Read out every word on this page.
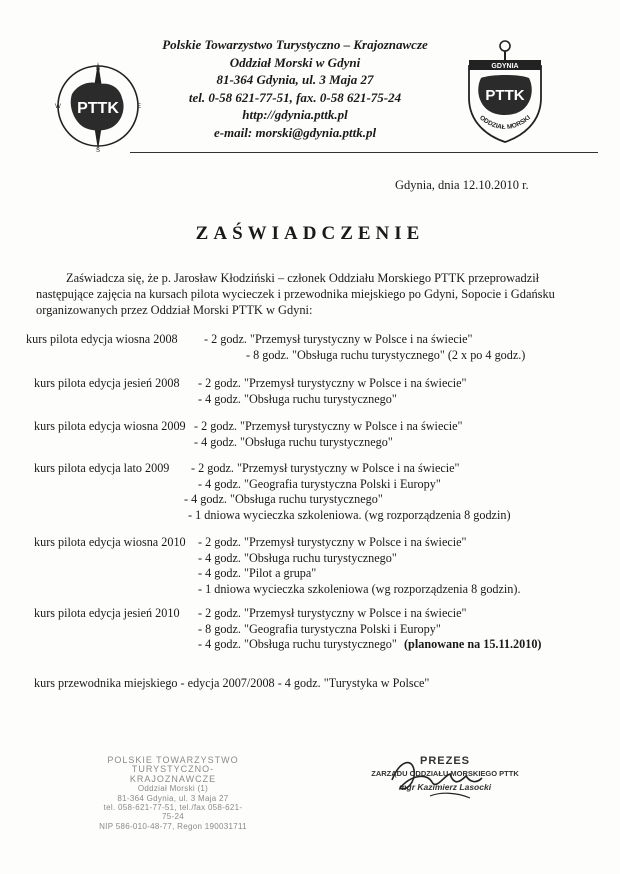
PTTK
N
S
W	E
Polskie Towarzystwo Turystyczno – Krajoznawcze
Oddział Morski w Gdyni
81-364 Gdynia, ul. 3 Maja 27
tel. 0-58 621-77-51, fax. 0-58 621-75-24
http://gdynia.pttk.pl
e-mail: morski@gdynia.pttk.pl
GDYNIA
PTTK
ODDZIAŁ MORSKI
Gdynia, dnia 12.10.2010 r.
ZAŚWIADCZENIE
Zaświadcza się, że p. Jarosław Kłodziński – członek Oddziału Morskiego PTTK przeprowadził
następujące zajęcia na kursach pilota wycieczek i przewodnika miejskiego po Gdyni, Sopocie i Gdańsku
organizowanych przez Oddział Morski PTTK w Gdyni:
kurs pilota edycja wiosna 2008 - 2 godz. "Przemysł turystyczny w Polsce i na świecie"
- 8 godz. "Obsługa ruchu turystycznego" (2 x po 4 godz.)
kurs pilota edycja jesień 2008 - 2 godz. "Przemysł turystyczny w Polsce i na świecie"
- 4 godz. "Obsługa ruchu turystycznego"
kurs pilota edycja wiosna 2009 - 2 godz. "Przemysł turystyczny w Polsce i na świecie"
- 4 godz. "Obsługa ruchu turystycznego"
kurs pilota edycja lato 2009 - 2 godz. "Przemysł turystyczny w Polsce i na świecie"
- 4 godz. "Geografia turystyczna Polski i Europy"
- 4 godz. "Obsługa ruchu turystycznego"
- 1 dniowa wycieczka szkoleniowa. (wg rozporządzenia 8 godzin)
kurs pilota edycja wiosna 2010 - 2 godz. "Przemysł turystyczny w Polsce i na świecie"
- 4 godz. "Obsługa ruchu turystycznego"
- 4 godz. "Pilot a grupa"
- 1 dniowa wycieczka szkoleniowa (wg rozporządzenia 8 godzin).
kurs pilota edycja jesień 2010 - 2 godz. "Przemysł turystyczny w Polsce i na świecie"
- 8 godz. "Geografia turystyczna Polski i Europy"
- 4 godz. "Obsługa ruchu turystycznego" (planowane na 15.11.2010)
kurs przewodnika miejskiego - edycja 2007/2008 - 4 godz. "Turystyka w Polsce"
POLSKIE TOWARZYSTWO
TURYSTYCZNO-KRAJOZNAWCZE
Oddział Morski (1)
81-364 Gdynia, ul. 3 Maja 27
tel. 058-621-77-51, tel./fax 058-621-75-24
NIP 586-010-48-77, Regon 190031711
PREZES
ZARZĄDU ODDZIAŁU MORSKIEGO PTTK
mgr Kazimierz Lasocki
